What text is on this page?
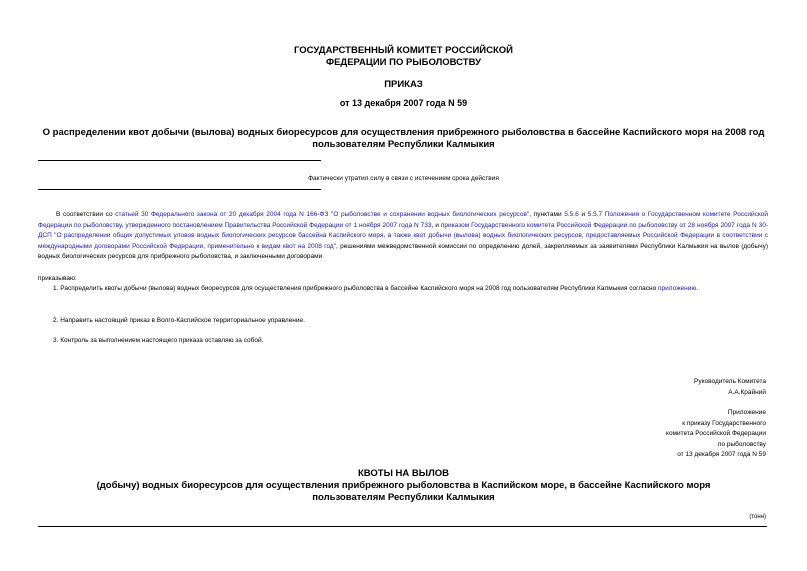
ГОСУДАРСТВЕННЫЙ КОМИТЕТ РОССИЙСКОЙ
ФЕДЕРАЦИИ ПО РЫБОЛОВСТВУ
ПРИКАЗ
от 13 декабря 2007 года N 59
О распределении квот добычи (вылова) водных биоресурсов для осуществления прибрежного рыболовства в бассейне Каспийского моря на 2008 год пользователям Республики Калмыкия
Фактически утратил силу в связи с истечением срока действия
В соответствии со статьей 30 Федерального закона от 20 декабря 2004 года N 166-ФЗ "О рыболовстве и сохранении водных биологических ресурсов", пунктами 5.5.6 и 5.5.7 Положения о Государственном комитете Российской Федерации по рыболовству, утвержденного постановлением Правительства Российской Федерации от 1 ноября 2007 года N 733, и приказом Государственного комитета Российской Федерации по рыболовству от 28 ноября 2007 года N 30-ДСП "О распределении общих допустимых уловов водных биологических ресурсов бассейна Каспийского моря, а также квот добычи (вылова) водных биологических ресурсов, предоставляемых Российской Федерации в соответствии с международными договорами Российской Федерации, применительно к видам квот на 2008 год", решениями межведомственной комиссии по определению долей, закрепляемых за заявителями Республики Калмыкия на вылов (добычу) водных биологических ресурсов для прибрежного рыболовства, и заключенными договорами
приказываю:
1. Распределить квоты добычи (вылова) водных биоресурсов для осуществления прибрежного рыболовства в бассейне Каспийского моря на 2008 год пользователям Республики Калмыкия согласно приложению.
2. Направить настоящий приказ в Волго-Каспийское территориальное управление.
3. Контроль за выполнением настоящего приказа оставляю за собой.
Руководитель Комитета
А.А.Крайний
Приложение
к приказу Государственного
комитета Российской Федерации
по рыболовству
от 13 декабря 2007 года N 59
КВОТЫ НА ВЫЛОВ
(добычу) водных биоресурсов для осуществления прибрежного рыболовства в Каспийском море, в бассейне Каспийского моря пользователям Республики Калмыкия
(тонн)
